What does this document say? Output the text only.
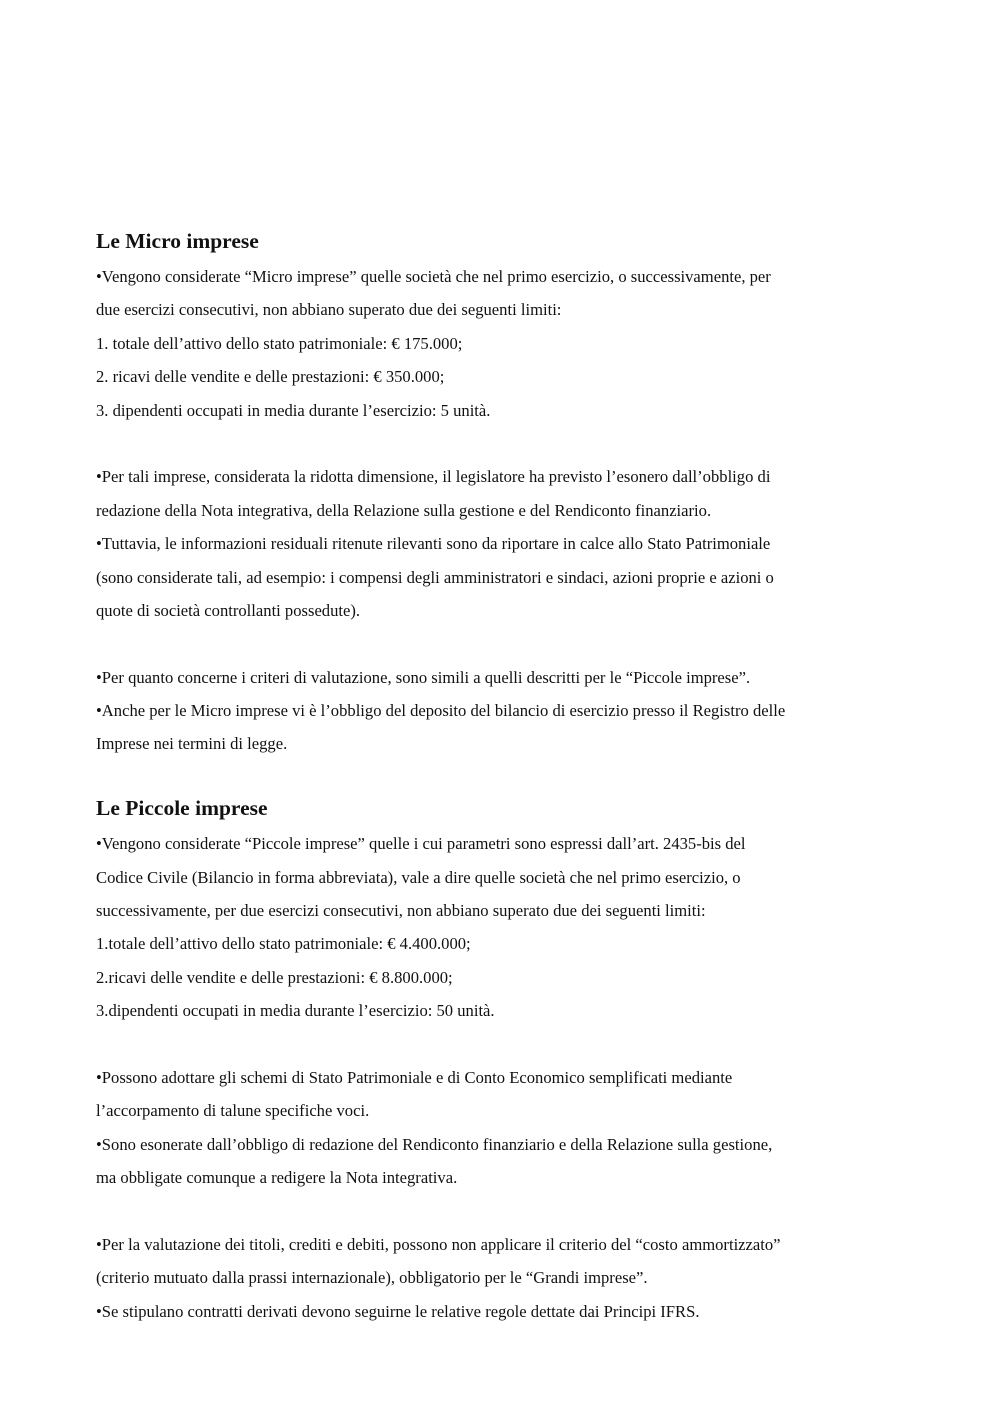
Le Micro imprese
•Vengono considerate “Micro imprese” quelle società che nel primo esercizio, o successivamente, per
due esercizi consecutivi, non abbiano superato due dei seguenti limiti:
1. totale dell’attivo dello stato patrimoniale: € 175.000;
2. ricavi delle vendite e delle prestazioni: € 350.000;
3. dipendenti occupati in media durante l’esercizio: 5 unità.
•Per tali imprese, considerata la ridotta dimensione, il legislatore ha previsto l’esonero dall’obbligo di
redazione della Nota integrativa, della Relazione sulla gestione e del Rendiconto finanziario.
•Tuttavia, le informazioni residuali ritenute rilevanti sono da riportare in calce allo Stato Patrimoniale
(sono considerate tali, ad esempio: i compensi degli amministratori e sindaci, azioni proprie e azioni o
quote di società controllanti possedute).
•Per quanto concerne i criteri di valutazione, sono simili a quelli descritti per le “Piccole imprese”.
•Anche per le Micro imprese vi è l’obbligo del deposito del bilancio di esercizio presso il Registro delle
Imprese nei termini di legge.
Le Piccole imprese
•Vengono considerate “Piccole imprese” quelle i cui parametri sono espressi dall’art. 2435-bis del
Codice Civile (Bilancio in forma abbreviata), vale a dire quelle società che nel primo esercizio, o
successivamente, per due esercizi consecutivi, non abbiano superato due dei seguenti limiti:
1.totale dell’attivo dello stato patrimoniale: € 4.400.000;
2.ricavi delle vendite e delle prestazioni: € 8.800.000;
3.dipendenti occupati in media durante l’esercizio: 50 unità.
•Possono adottare gli schemi di Stato Patrimoniale e di Conto Economico semplificati mediante
l’accorpamento di talune specifiche voci.
•Sono esonerate dall’obbligo di redazione del Rendiconto finanziario e della Relazione sulla gestione,
ma obbligate comunque a redigere la Nota integrativa.
•Per la valutazione dei titoli, crediti e debiti, possono non applicare il criterio del “costo ammortizzato”
(criterio mutuato dalla prassi internazionale), obbligatorio per le “Grandi imprese”.
•Se stipulano contratti derivati devono seguirne le relative regole dettate dai Principi IFRS.
